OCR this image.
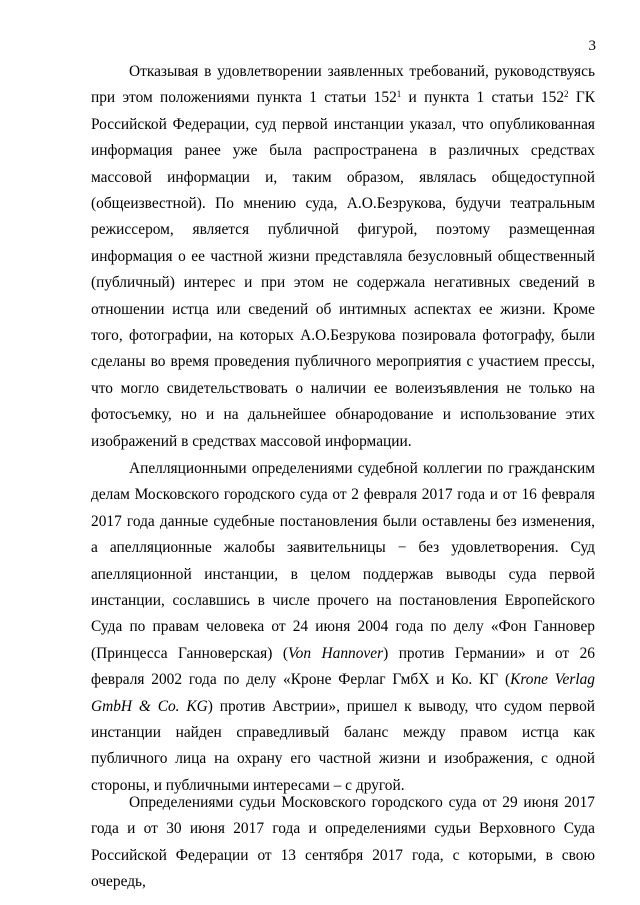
3

Отказывая в удовлетворении заявленных требований, руководствуясь при этом положениями пункта 1 статьи $152^1$ и пункта 1 статьи $152^2$ ГК Российской Федерации, суд первой инстанции указал, что опубликованная информация ранее уже была распространена в различных средствах массовой информации и, таким образом, являлась общедоступной (общеизвестной). По мнению суда, А.О.Безрукова, будучи театральным режиссером, является публичной фигурой, поэтому размещенная информация о ее частной жизни представляла безусловный общественный (публичный) интерес и при этом не содержала негативных сведений в отношении истца или сведений об интимных аспектах ее жизни. Кроме того, фотографии, на которых А.О.Безрукова позировала фотографу, были сделаны во время проведения публичного мероприятия с участием прессы, что могло свидетельствовать о наличии ее волеизъявления не только на фотосъемку, но и на дальнейшее обнародование и использование этих изображений в средствах массовой информации.

Апелляционными определениями судебной коллегии по гражданским делам Московского городского суда от 2 февраля 2017 года и от 16 февраля 2017 года данные судебные постановления были оставлены без изменения, а апелляционные жалобы заявительницы − без удовлетворения. Суд апелляционной инстанции, в целом поддержав выводы суда первой инстанции, сославшись в числе прочего на постановления Европейского Суда по правам человека от 24 июня 2004 года по делу «Фон Ганновер (Принцесса Ганноверская) (Von Hannover) против Германии» и от 26 февраля 2002 года по делу «Кроне Ферлаг ГмбХ и Ко. КГ (Krone Verlag GmbH & Co. KG) против Австрии», пришел к выводу, что судом первой инстанции найден справедливый баланс между правом истца как публичного лица на охрану его частной жизни и изображения, с одной стороны, и публичными интересами – с другой.

Определениями судьи Московского городского суда от 29 июня 2017 года и от 30 июня 2017 года и определениями судьи Верховного Суда Российской Федерации от 13 сентября 2017 года, с которыми, в свою очередь,
